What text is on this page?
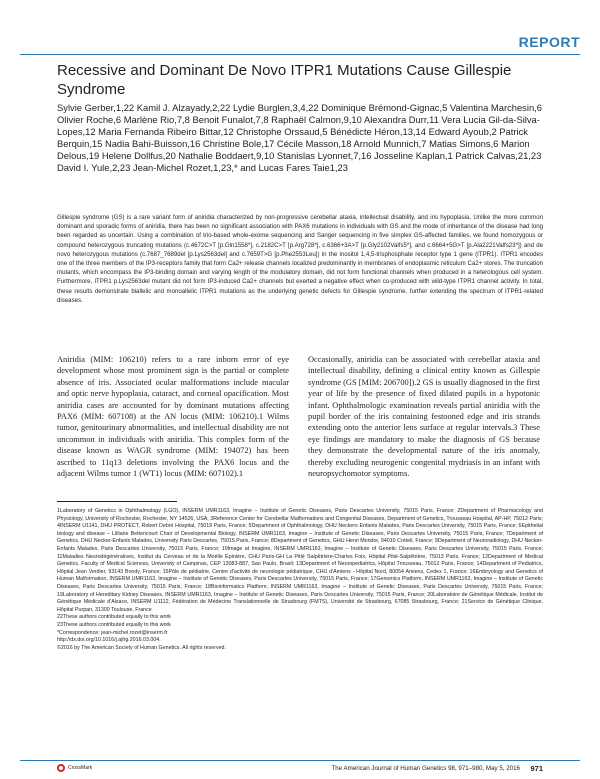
REPORT
Recessive and Dominant De Novo ITPR1 Mutations Cause Gillespie Syndrome
Sylvie Gerber,1,22 Kamil J. Alzayady,2,22 Lydie Burglen,3,4,22 Dominique Brémond-Gignac,5 Valentina Marchesin,6 Olivier Roche,6 Marlène Rio,7,8 Benoit Funalot,7,8 Raphaël Calmon,9,10 Alexandra Durr,11 Vera Lucia Gil-da-Silva-Lopes,12 Maria Fernanda Ribeiro Bittar,12 Christophe Orssaud,5 Bénédicte Héron,13,14 Edward Ayoub,2 Patrick Berquin,15 Nadia Bahi-Buisson,16 Christine Bole,17 Cécile Masson,18 Arnold Munnich,7 Matias Simons,6 Marion Delous,19 Helene Dollfus,20 Nathalie Boddaert,9,10 Stanislas Lyonnet,7,16 Josseline Kaplan,1 Patrick Calvas,21,23 David I. Yule,2,23 Jean-Michel Rozet,1,23,* and Lucas Fares Taie1,23
Gillespie syndrome (GS) is a rare variant form of aniridia characterized by non-progressive cerebellar ataxia, intellectual disability, and iris hypoplasia. Unlike the more common dominant and sporadic forms of aniridia, there has been no significant association with PAX6 mutations in individuals with GS and the mode of inheritance of the disease had long been regarded as uncertain. Using a combination of trio-based whole-exome sequencing and Sanger sequencing in five simplex GS-affected families, we found homozygous or compound heterozygous truncating mutations (c.4672C>T [p.Gln1558*], c.2182C>T [p.Arg728*], c.6366+3A>T [p.Gly2102Valfs5*], and c.6664+5G>T [p.Ala2221Valfs23*]) and de novo heterozygous mutations (c.7687_7689del [p.Lys2563del] and c.7659T>G [p.Phe2553Leu]) in the inositol 1,4,5-trisphosphate receptor type 1 gene (ITPR1). ITPR1 encodes one of the three members of the IP3-receptors family that form Ca2+ release channels localized predominantly in membranes of endoplasmic reticulum Ca2+ stores. The truncation mutants, which encompass the IP3-binding domain and varying length of the modulatory domain, did not form functional channels when produced in a heterologous cell system. Furthermore, ITPR1 p.Lys2563del mutant did not form IP3-induced Ca2+ channels but exerted a negative effect when co-produced with wild-type ITPR1 channel activity. In total, these results demonstrate biallelic and monoallelic ITPR1 mutations as the underlying genetic defects for Gillespie syndrome, further extending the spectrum of ITPR1-related diseases.
Aniridia (MIM: 106210) refers to a rare inborn error of eye development whose most prominent sign is the partial or complete absence of iris. Associated ocular malformations include macular and optic nerve hypoplasia, cataract, and corneal opacification. Most aniridia cases are accounted for by dominant mutations affecting PAX6 (MIM: 607108) at the AN locus (MIM: 106210).1 Wilms tumor, genitourinary abnormalities, and intellectual disability are not uncommon in individuals with aniridia. This complex form of the disease known as WAGR syndrome (MIM: 194072) has been ascribed to 11q13 deletions involving the PAX6 locus and the adjacent Wilms tumor 1 (WT1) locus (MIM: 607102).1
Occasionally, aniridia can be associated with cerebellar ataxia and intellectual disability, defining a clinical entity known as Gillespie syndrome (GS [MIM: 206700]).2 GS is usually diagnosed in the first year of life by the presence of fixed dilated pupils in a hypotonic infant. Ophthalmologic examination reveals partial aniridia with the pupil border of the iris containing festooned edge and iris strands extending onto the anterior lens surface at regular intervals.3 These eye findings are mandatory to make the diagnosis of GS because they demonstrate the developmental nature of the iris anomaly, thereby excluding neurogenic congenital mydriasis in an infant with neuropsychomotor symptoms.

1Laboratory of Genetics in Ophthalmology (LGO), INSERM UMR1163, Imagine – Institute of Genetic Diseases, Paris Descartes University, 75015 Paris, France; 2Department of Pharmacology and Physiology, University of Rochester, Rochester, NY 14526, USA; 3Reference Center for Cerebellar Malformations and Congenital Diseases, Department of Genetics, Trousseau Hospital, AP-HP, 75012 Paris; 4INSERM U1141, DHU PROTECT, Robert Debré Hospital, 75019 Paris, France; 5Department of Ophthalmology, DHU Neckers Enfants Malades, Paris Descartes University, 75015 Paris, France; 6Epithelial biology and disease – Lilliane Bettencourt Chair of Developmental Biology, INSERM UMR1163, Imagine – Institute of Genetic Diseases, Paris Descartes University, 75015 Paris, France; 7Department of Genetics, DHU Necker-Enfants Malades, University Paris Descartes, 75015 Paris, France; 8Department of Genetics, GHU Henri Mondor, 94010 Créteil, France; 9Department of Neuroradiology, DHU Necker-Enfants Malades, Paris Descartes University, 75015 Paris, France; 10Image at Imagine, INSERM UMR1163, Imagine – Institute of Genetic Diseases, Paris Descartes University, 75015 Paris, France; 11Maladies Neurodégénératives, Institut du Cerveau et de la Moëlle Épinière, CHU Paris-GH La Pitié Salpêtrière-Charles Foix, Hôpital Pitié-Salpêtrière, 75013 Paris, France; 12Department of Medical Genetics, Faculty of Medical Sciences, University of Campinas, CEP 13083-887, Sao Paulo, Brasil; 13Department of Neuropediatrics, Hôpital Trousseau, 75012 Paris, France; 14Department of Pediatrics, Hôpital Jean Verdier, 93143 Bondy, France; 15Pôle de pédiatrie, Centre d'activité de neurologie pédiatrique, CHU d'Amiens - Hôpital Nord, 80054 Amiens, Cedex 1, France; 16Embryology and Genetics of Human Malformation, INSERM UMR1163, Imagine – Institute of Genetic Diseases, Paris Descartes University, 75015 Paris, France; 17Genomics Platform, INSERM UMR1163, Imagine – Institute of Genetic Diseases, Paris Descartes University, 75015 Paris, France; 18Bioinformatics Platform, INSERM UMR1163, Imagine – Institute of Genetic Diseases, Paris Descartes University, 75015 Paris, France; 19Laboratory of Hereditary Kidney Diseases, INSERM UMR1163, Imagine – Institute of Genetic Diseases, Paris Descartes University, 75015 Paris, France; 20Laboratoire de Génétique Médicale, Institut de Génétique Médicale d'Alsace, INSERM U1112, Fédération de Médecine Translationnelle de Strasbourg (FMTS), Université de Strasbourg, 67085 Strasbourg, France; 21Service de Génétique Clinique, Hôpital Purpan, 31300 Toulouse, France

22These authors contributed equally to this work

23These authors contributed equally to this work

*Correspondence: jean-michel.rozet@inserm.fr

http://dx.doi.org/10.1016/j.ajhg.2016.03.004.

©2016 by The American Society of Human Genetics. All rights reserved.

CrossMark	The American Journal of Human Genetics 98, 971–980, May 5, 2016 971
